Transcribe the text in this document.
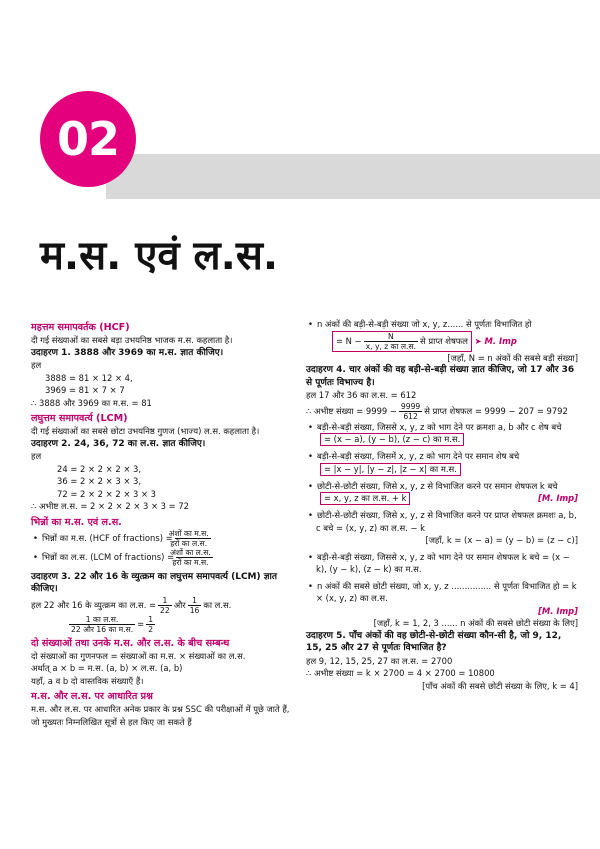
02
म.स. एवं ल.स.
महत्तम समापवर्तक (HCF)
दी गई संख्याओं का सबसे बड़ा उभयनिष्ठ भाजक म.स. कहलाता है।
उदाहरण 1. 3888 और 3969 का म.स. ज्ञात कीजिए।
हल
3888 = 81 × 12 × 4,
3969 = 81 × 7 × 7
∴ 3888 और 3969 का म.स. = 81
लघुत्तम समापवर्त्य (LCM)
दी गई संख्याओं का सबसे छोटा उभयनिष्ठ गुणज (भाज्य) ल.स. कहलाता है।
उदाहरण 2. 24, 36, 72 का ल.स. ज्ञात कीजिए।
हल
24 = 2 × 2 × 2 × 3,
36 = 2 × 2 × 3 × 3,
72 = 2 × 2 × 2 × 3 × 3
∴ अभीष्ट ल.स. = 2 × 2 × 2 × 3 × 3 = 72
भिन्नों का म.स. एवं ल.स.
• भिन्नों का म.स. (HCF of fractions) = $\frac{\text{अंशों का म.स.}}{\text{हरों का ल.स.}}$
• भिन्नों का ल.स. (LCM of fractions) = $\frac{\text{अंशों का ल.स.}}{\text{हरों का म.स.}}$
उदाहरण 3. 22 और 16 के व्युत्क्रम का लघुत्तम समापवर्त्य (LCM) ज्ञात कीजिए।
हल 22 और 16 के व्युत्क्रम का ल.स. = $\frac{1}{22}$ और $\frac{1}{16}$ का ल.स.
$\frac{\text{1 का ल.स.}}{\text{22 और 16 का म.स.}} = \frac{1}{2}$
दो संख्याओं तथा उनके म.स. और ल.स. के बीच सम्बन्ध
दो संख्याओं का गुणनफल = संख्याओं का म.स. × संख्याओं का ल.स.
अर्थात् a × b = म.स. (a, b) × ल.स. (a, b)
यहाँ, a व b दो वास्तविक संख्याएँ हैं।
म.स. और ल.स. पर आधारित प्रश्न
म.स. और ल.स. पर आधारित अनेक प्रकार के प्रश्न SSC की परीक्षाओं में पूछे जाते हैं, जो मुख्यतः निम्नलिखित सूत्रों से हल किए जा सकते हैं
• n अंकों की बड़ी-से-बड़ी संख्या जो x, y, z...... से पूर्णतः विभाजित हो
= $N - \frac{N}{\text{x, y, z का ल.स.}}$ से प्राप्त शेषफल ➤ M. Imp
[जहाँ, N = n अंकों की सबसे बड़ी संख्या]
उदाहरण 4. चार अंकों की वह बड़ी-से-बड़ी संख्या ज्ञात कीजिए, जो 17 और 36 से पूर्णतः विभाज्य है।
हल 17 और 36 का ल.स. = 612
∴ अभीष्ट संख्या = $9999 - \frac{9999}{612}$ से प्राप्त शेषफल = 9999 − 207 = 9792
• बड़ी-से-बड़ी संख्या, जिससे x, y, z को भाग देने पर क्रमशः a, b और c शेष बचे
= (x − a), (y − b), (z − c) का म.स.
• बड़ी-से-बड़ी संख्या, जिसमें x, y, z को भाग देने पर समान शेष बचे
= |x − y|, |y − z|, |z − x| का म.स.
• छोटी-से-छोटी संख्या, जिसे x, y, z से विभाजित करने पर समान शेषफल k बचे
= x, y, z का ल.स. + k	[M. Imp]
• छोटी-से-छोटी संख्या, जिसे x, y, z से विभाजित करने पर प्राप्त शेषफल क्रमशः a, b, c बचे = (x, y, z) का ल.स. − k
[जहाँ, k = (x − a) = (y − b) = (z − c)]
• बड़ी-से-बड़ी संख्या, जिससे x, y, z को भाग देने पर समान शेषफल k बचे = (x − k), (y − k), (z − k) का म.स.
• n अंकों की सबसे छोटी संख्या, जो x, y, z ............... से पूर्णतः विभाजित हो = k × (x, y, z) का ल.स.
[M. Imp]
[जहाँ, k = 1, 2, 3 ...... n अंकों की सबसे छोटी संख्या के लिए]
उदाहरण 5. पाँच अंकों की वह छोटी-से-छोटी संख्या कौन-सी है, जो 9, 12, 15, 25 और 27 से पूर्णतः विभाजित है?
हल 9, 12, 15, 25, 27 का ल.स. = 2700
∴ अभीष्ट संख्या = k × 2700 = 4 × 2700 = 10800
[पाँच अंकों की सबसे छोटी संख्या के लिए, k = 4]
